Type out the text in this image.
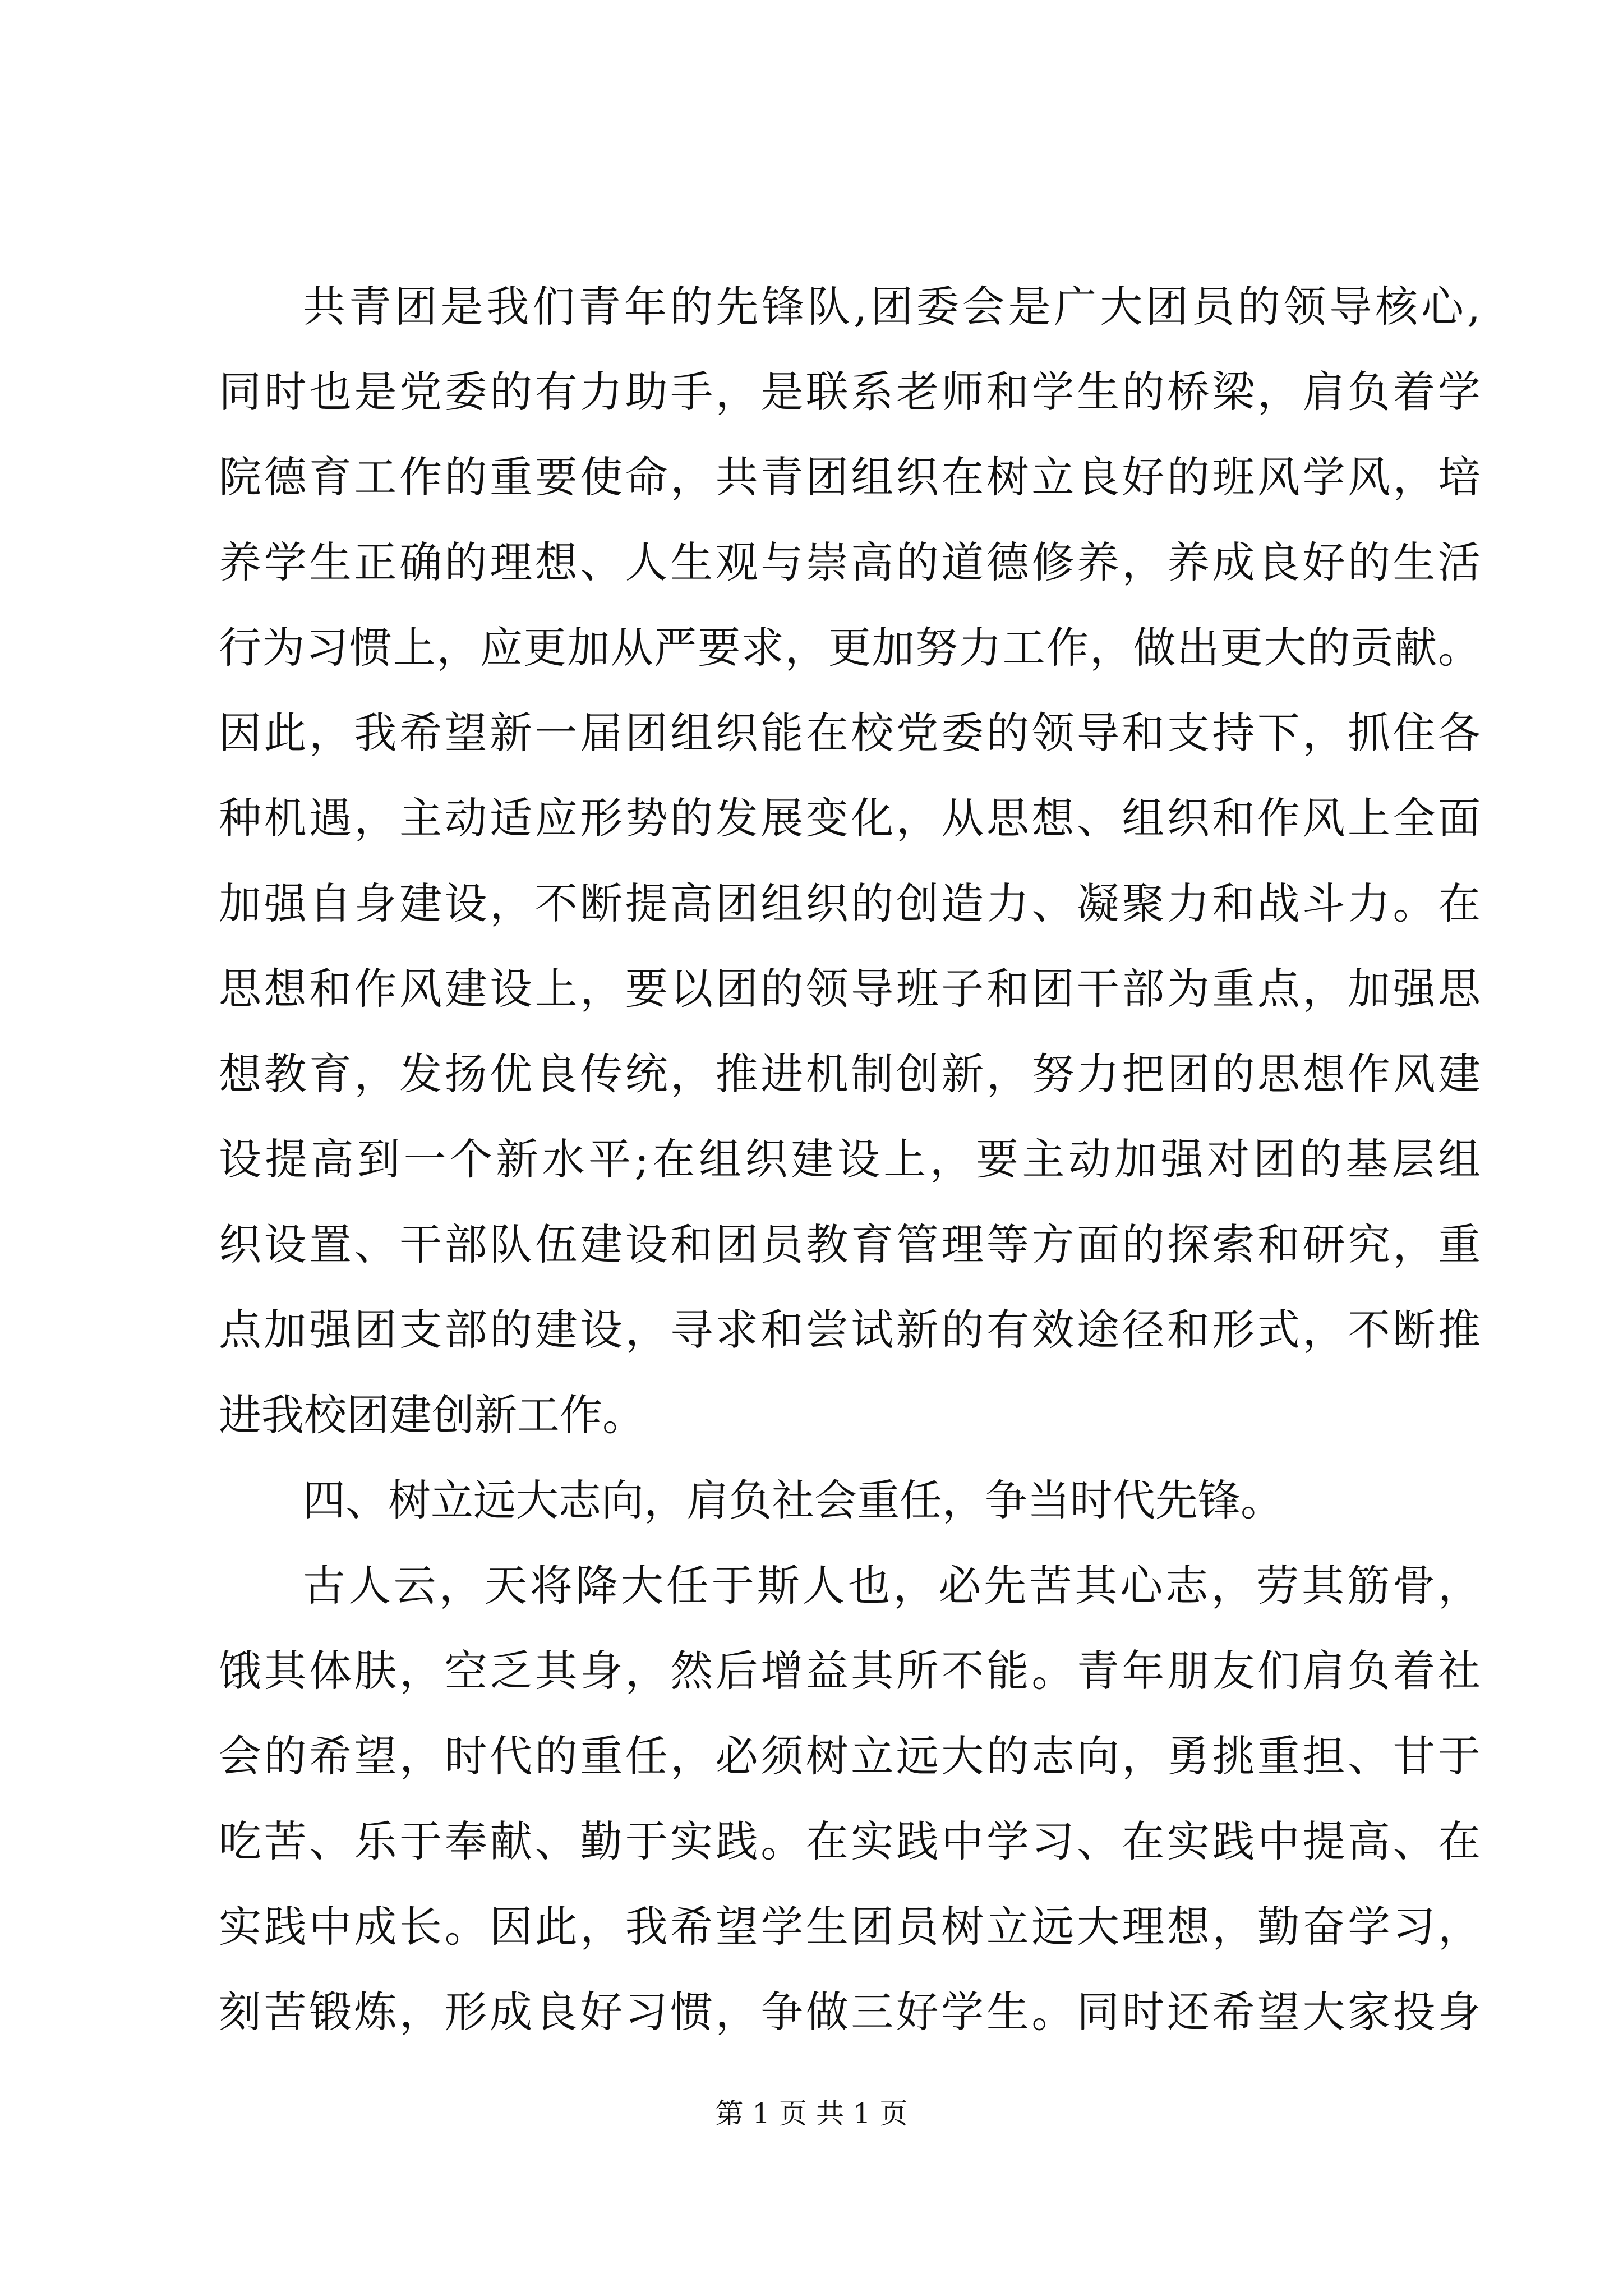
共青团是我们青年的先锋队,团委会是广大团员的领导核心,
同时也是党委的有力助手，是联系老师和学生的桥梁，肩负着学
院德育工作的重要使命，共青团组织在树立良好的班风学风，培
养学生正确的理想、人生观与崇高的道德修养，养成良好的生活
行为习惯上，应更加从严要求，更加努力工作，做出更大的贡献。
因此，我希望新一届团组织能在校党委的领导和支持下，抓住各
种机遇，主动适应形势的发展变化，从思想、组织和作风上全面
加强自身建设，不断提高团组织的创造力、凝聚力和战斗力。在
思想和作风建设上，要以团的领导班子和团干部为重点，加强思
想教育，发扬优良传统，推进机制创新，努力把团的思想作风建
设提高到一个新水平;在组织建设上，要主动加强对团的基层组
织设置、干部队伍建设和团员教育管理等方面的探索和研究，重
点加强团支部的建设，寻求和尝试新的有效途径和形式，不断推
进我校团建创新工作。
四、树立远大志向，肩负社会重任，争当时代先锋。
古人云，天将降大任于斯人也，必先苦其心志，劳其筋骨，
饿其体肤，空乏其身，然后增益其所不能。青年朋友们肩负着社
会的希望，时代的重任，必须树立远大的志向，勇挑重担、甘于
吃苦、乐于奉献、勤于实践。在实践中学习、在实践中提高、在
实践中成长。因此，我希望学生团员树立远大理想，勤奋学习，
刻苦锻炼，形成良好习惯，争做三好学生。同时还希望大家投身
第 1 页 共 1 页
